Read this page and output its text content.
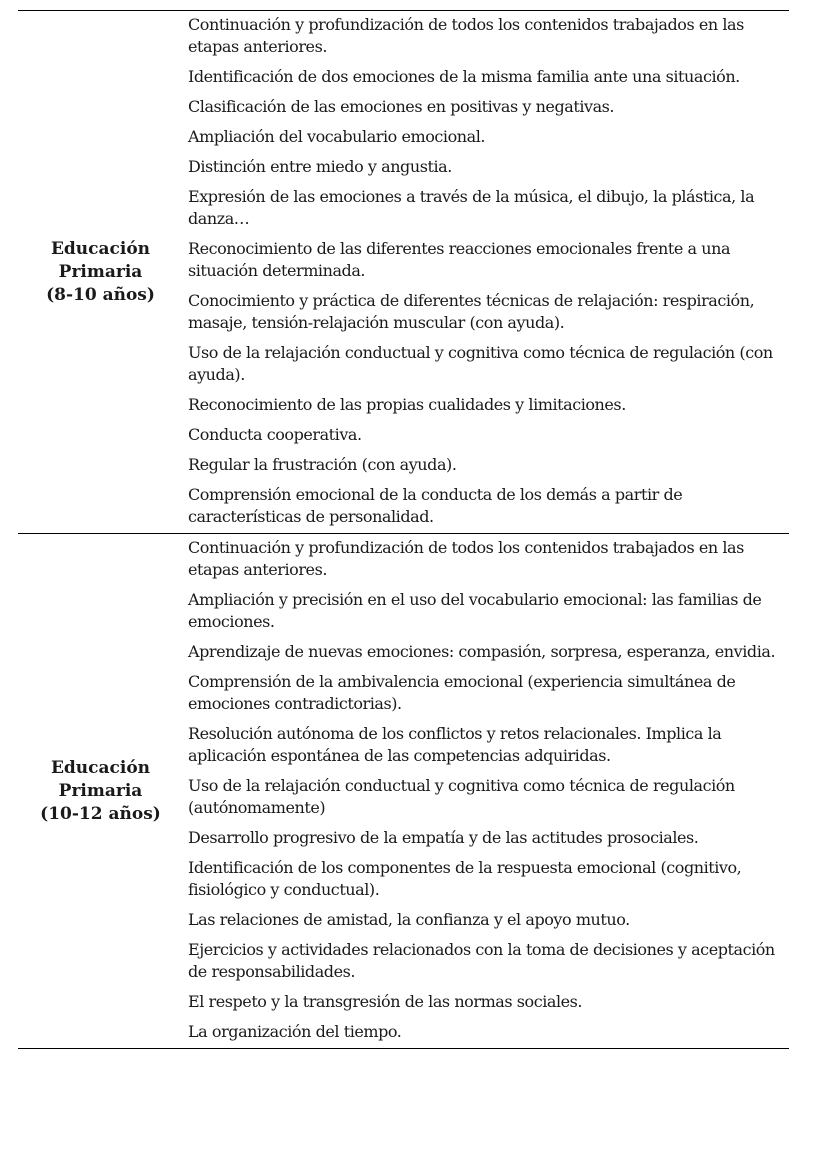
Educación
Primaria
(8-10 años)	Continuación y profundización de todos los contenidos trabajados en las etapas anteriores.

	Identificación de dos emociones de la misma familia ante una situación.

	Clasificación de las emociones en positivas y negativas.

	Ampliación del vocabulario emocional.

	Distinción entre miedo y angustia.

	Expresión de las emociones a través de la música, el dibujo, la plástica, la danza…

	Reconocimiento de las diferentes reacciones emocionales frente a una situación determinada.

	Conocimiento y práctica de diferentes técnicas de relajación: respiración, masaje, tensión-relajación muscular (con ayuda).

	Uso de la relajación conductual y cognitiva como técnica de regulación (con ayuda).

	Reconocimiento de las propias cualidades y limitaciones.

	Conducta cooperativa.

	Regular la frustración (con ayuda).

	Comprensión emocional de la conducta de los demás a partir de características de personalidad.

Educación
Primaria
(10-12 años)	Continuación y profundización de todos los contenidos trabajados en las etapas anteriores.

	Ampliación y precisión en el uso del vocabulario emocional: las familias de emociones.

	Aprendizaje de nuevas emociones: compasión, sorpresa, esperanza, envidia.

	Comprensión de la ambivalencia emocional (experiencia simultánea de emociones contradictorias).

	Resolución autónoma de los conflictos y retos relacionales. Implica la aplicación espontánea de las competencias adquiridas.

	Uso de la relajación conductual y cognitiva como técnica de regulación (autónomamente)

	Desarrollo progresivo de la empatía y de las actitudes prosociales.

	Identificación de los componentes de la respuesta emocional (cognitivo, fisiológico y conductual).

	Las relaciones de amistad, la confianza y el apoyo mutuo.

	Ejercicios y actividades relacionados con la toma de decisiones y aceptación de responsabilidades.

	El respeto y la transgresión de las normas sociales.

	La organización del tiempo.
